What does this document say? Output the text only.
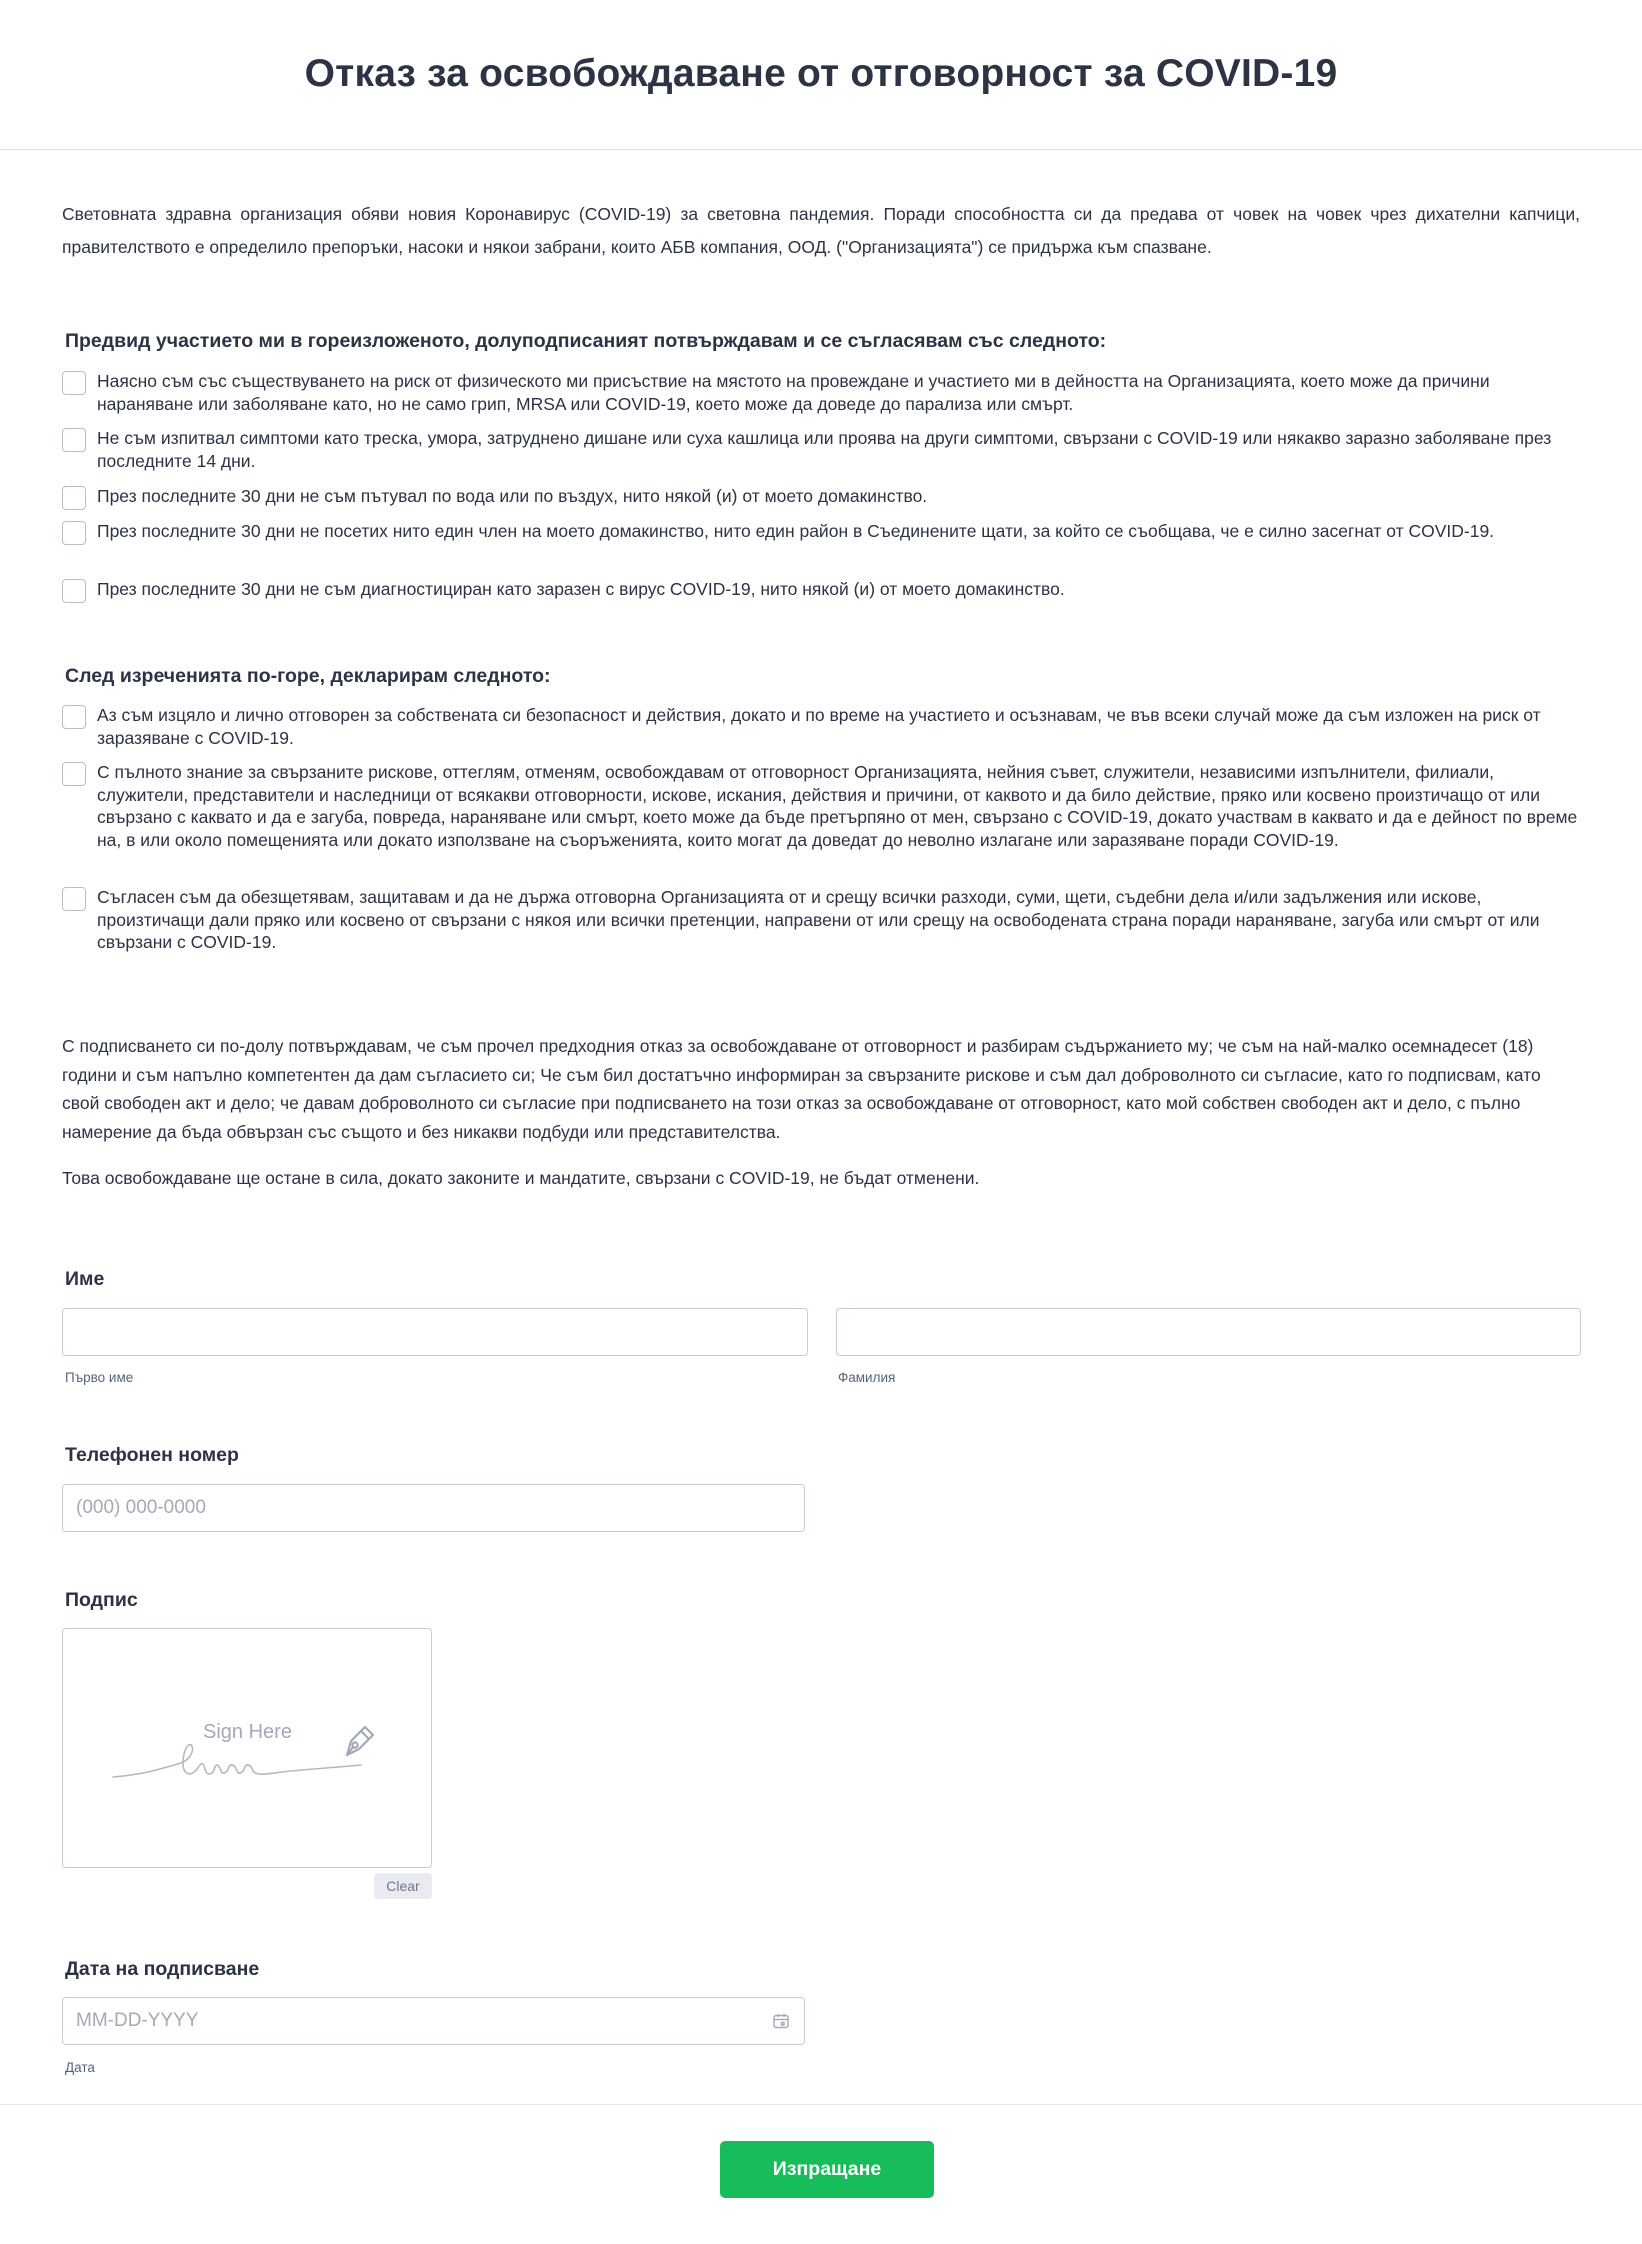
Отказ за освобождаване от отговорност за COVID-19

Световната здравна организация обяви новия Коронавирус (COVID-19) за световна пандемия. Поради способността си да предава от човек на човек чрез дихателни капчици, правителството е определило препоръки, насоки и някои забрани, които АБВ компания, ООД. ("Организацията") се придържа към спазване.

Предвид участието ми в гореизложеното, долуподписаният потвърждавам и се съгласявам със следното:
Наясно съм със съществуването на риск от физическото ми присъствие на мястото на провеждане и участието ми в дейността на Организацията, което може да причини нараняване или заболяване като, но не само грип, MRSA или COVID-19, което може да доведе до парализа или смърт.
Не съм изпитвал симптоми като треска, умора, затруднено дишане или суха кашлица или проява на други симптоми, свързани с COVID-19 или някакво заразно заболяване през последните 14 дни.
През последните 30 дни не съм пътувал по вода или по въздух, нито някой (и) от моето домакинство.
През последните 30 дни не посетих нито един член на моето домакинство, нито един район в Съединените щати, за който се съобщава, че е силно засегнат от COVID-19.
През последните 30 дни не съм диагностициран като заразен с вирус COVID-19, нито някой (и) от моето домакинство.
След изреченията по-горе, декларирам следното:
Аз съм изцяло и лично отговорен за собствената си безопасност и действия, докато и по време на участието и осъзнавам, че във всеки случай може да съм изложен на риск от заразяване с COVID-19.
С пълното знание за свързаните рискове, оттеглям, отменям, освобождавам от отговорност Организацията, нейния съвет, служители, независими изпълнители, филиали, служители, представители и наследници от всякакви отговорности, искове, искания, действия и причини, от каквото и да било действие, пряко или косвено произтичащо от или свързано с каквато и да е загуба, повреда, нараняване или смърт, което може да бъде претърпяно от мен, свързано с COVID-19, докато участвам в каквато и да е дейност по време на, в или около помещенията или докато използване на съоръженията, които могат да доведат до неволно излагане или заразяване поради COVID-19.
Съгласен съм да обезщетявам, защитавам и да не държа отговорна Организацията от и срещу всички разходи, суми, щети, съдебни дела и/или задължения или искове, произтичащи дали пряко или косвено от свързани с някоя или всички претенции, направени от или срещу на освободената страна поради нараняване, загуба или смърт от или свързани с COVID-19.

С подписването си по-долу потвърждавам, че съм прочел предходния отказ за освобождаване от отговорност и разбирам съдържанието му; че съм на най-малко осемнадесет (18) години и съм напълно компетентен да дам съгласието си; Че съм бил достатъчно информиран за свързаните рискове и съм дал доброволното си съгласие, като го подписвам, като свой свободен акт и дело; че давам доброволното си съгласие при подписването на този отказ за освобождаване от отговорност, като мой собствен свободен акт и дело, с пълно намерение да бъда обвързан със същото и без никакви подбуди или представителства.

Това освобождаване ще остане в сила, докато законите и мандатите, свързани с COVID-19, не бъдат отменени.

Име
Първо име	Фамилия
Телефонен номер
(000) 000-0000
Подпис
Sign Here
Clear
Дата на подписване
MM-DD-YYYY
Дата
Изпращане
